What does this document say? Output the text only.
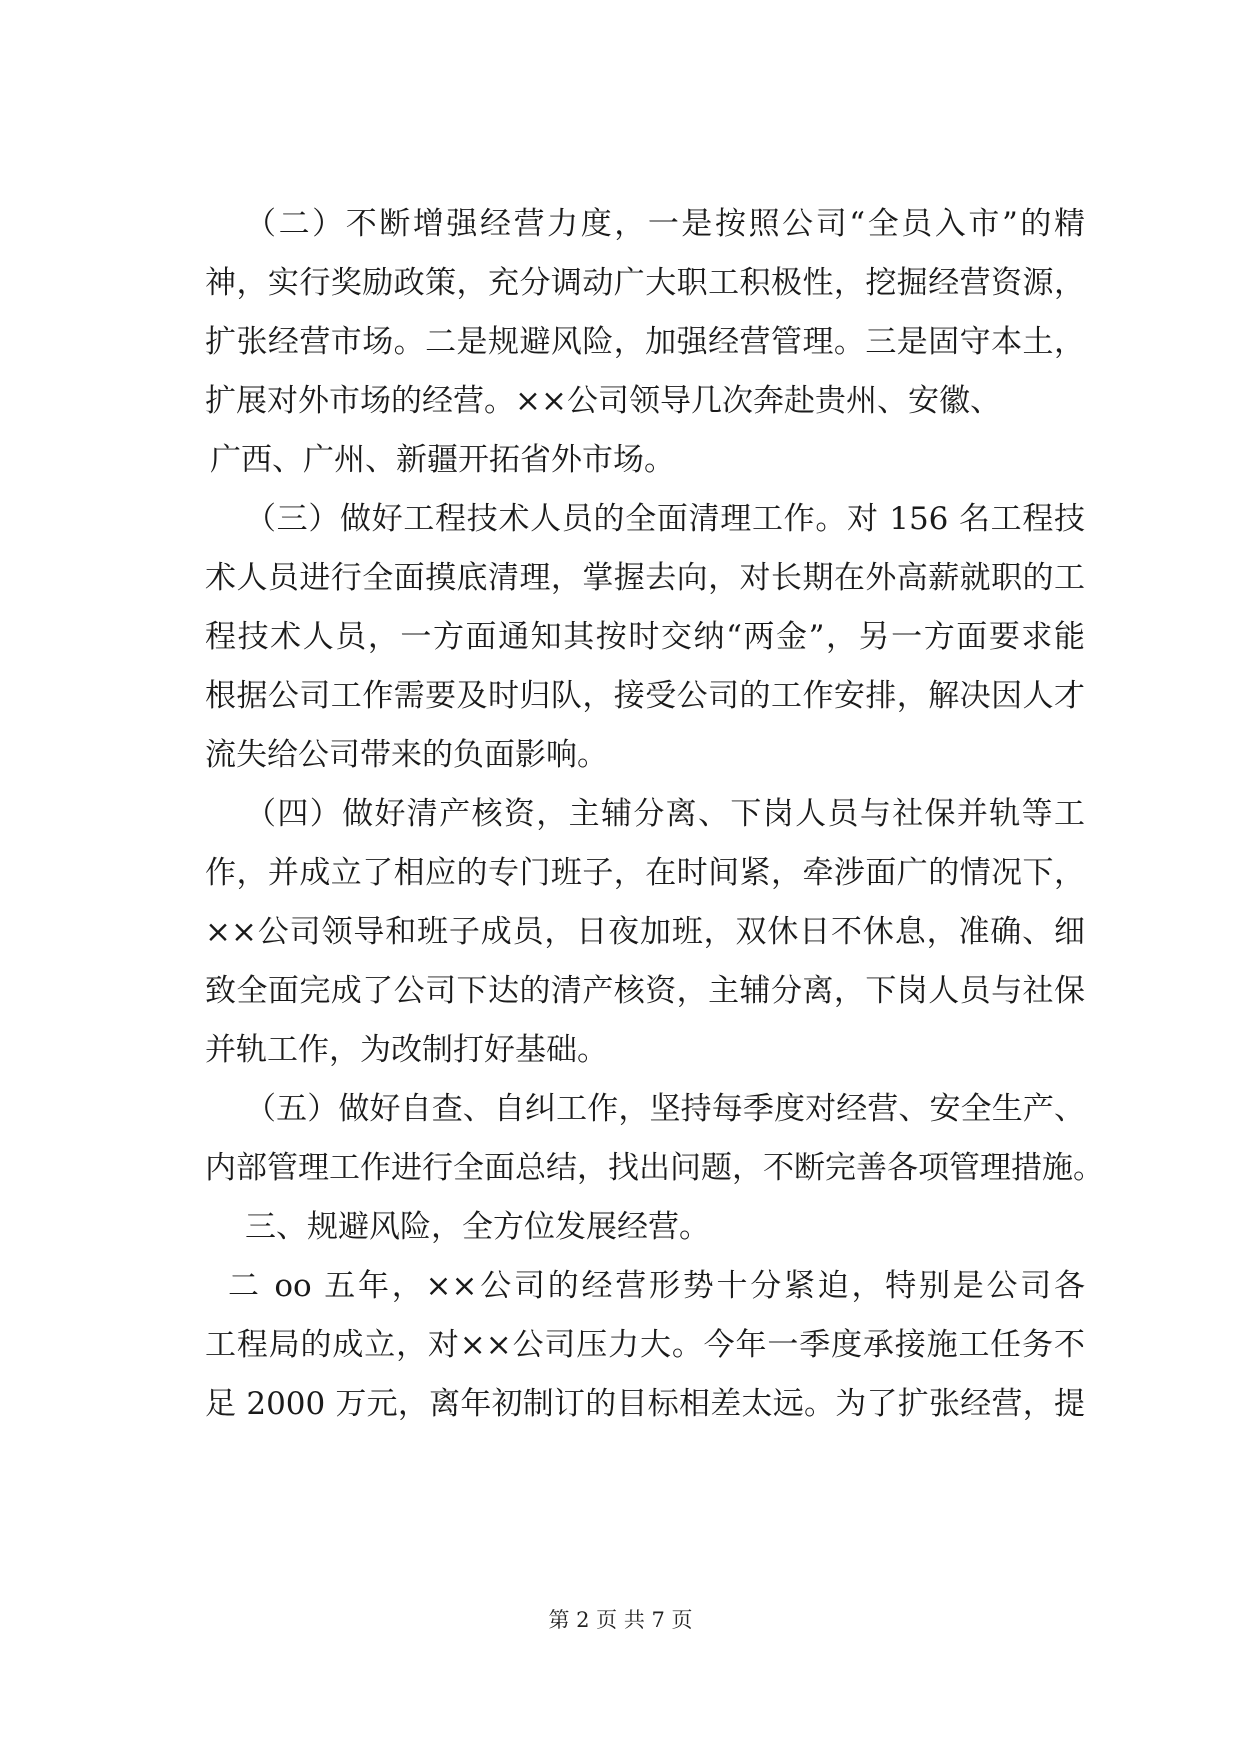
（二）不断增强经营力度，一是按照公司“全员入市”的精
神，实行奖励政策，充分调动广大职工积极性，挖掘经营资源，
扩张经营市场。二是规避风险，加强经营管理。三是固守本土，
扩展对外市场的经营。××公司领导几次奔赴贵州、安徽、
广西、广州、新疆开拓省外市场。
（三）做好工程技术人员的全面清理工作。对 156 名工程技
术人员进行全面摸底清理，掌握去向，对长期在外高薪就职的工
程技术人员，一方面通知其按时交纳“两金”，另一方面要求能
根据公司工作需要及时归队，接受公司的工作安排，解决因人才
流失给公司带来的负面影响。
（四）做好清产核资，主辅分离、下岗人员与社保并轨等工
作，并成立了相应的专门班子，在时间紧，牵涉面广的情况下，
××公司领导和班子成员，日夜加班，双休日不休息，准确、细
致全面完成了公司下达的清产核资，主辅分离，下岗人员与社保
并轨工作，为改制打好基础。
（五）做好自查、自纠工作，坚持每季度对经营、安全生产、
内部管理工作进行全面总结，找出问题，不断完善各项管理措施。
三、规避风险，全方位发展经营。
二 oo 五年，××公司的经营形势十分紧迫，特别是公司各
工程局的成立，对××公司压力大。今年一季度承接施工任务不
足 2000 万元，离年初制订的目标相差太远。为了扩张经营，提
第 2 页 共 7 页
